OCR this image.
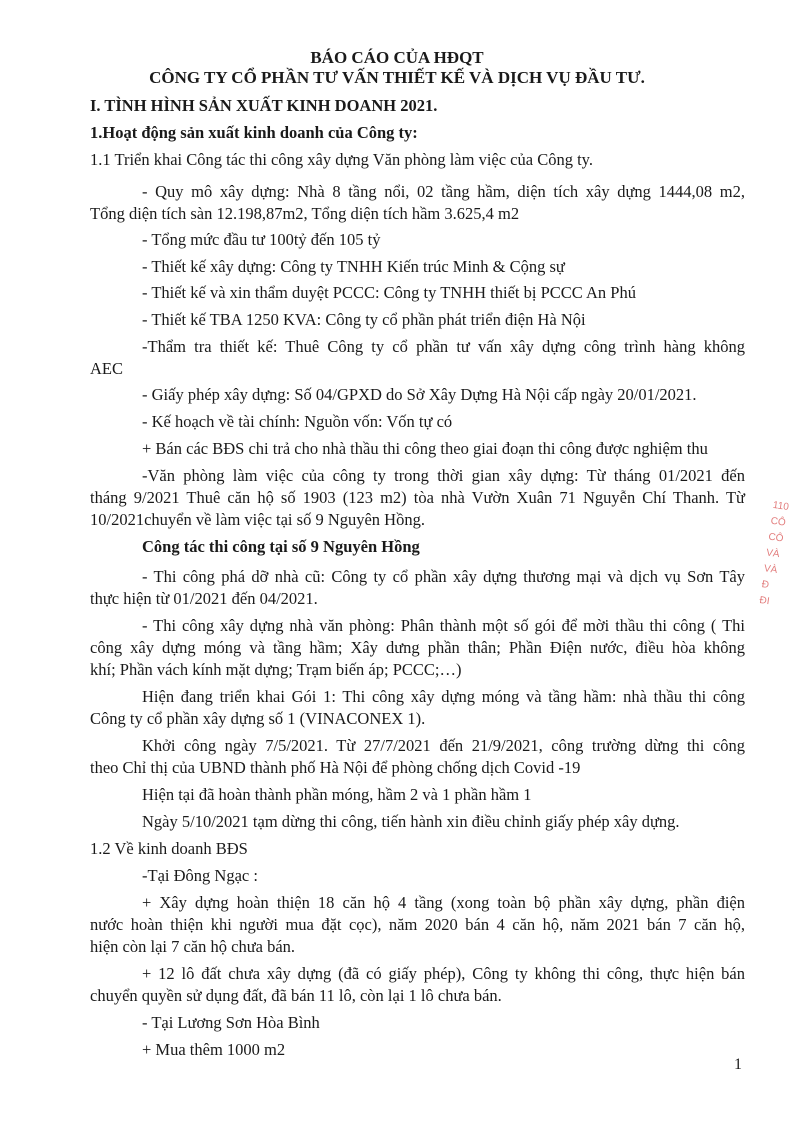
BÁO CÁO CỦA HĐQT
CÔNG TY CỔ PHẦN TƯ VẤN THIẾT KẾ VÀ DỊCH VỤ ĐẦU TƯ.
I. TÌNH HÌNH SẢN XUẤT KINH DOANH 2021.
1.Hoạt động sản xuất kinh doanh của Công ty:
1.1 Triển khai Công tác thi công xây dựng Văn phòng làm việc của Công ty.
- Quy mô xây dựng: Nhà 8 tầng nổi, 02 tầng hầm, diện tích xây dựng 1444,08 m2,
Tổng diện tích sàn 12.198,87m2, Tổng diện tích hầm 3.625,4 m2
- Tổng mức đầu tư 100tỷ đến 105 tỷ
- Thiết kế xây dựng: Công ty TNHH Kiến trúc Minh & Cộng sự
- Thiết kế và xin thẩm duyệt PCCC: Công ty TNHH thiết bị PCCC An Phú
- Thiết kế TBA 1250 KVA: Công ty cổ phần phát triển điện Hà Nội
-Thẩm tra thiết kế: Thuê Công ty cổ phần tư vấn xây dựng công trình hàng không
AEC
- Giấy phép xây dựng: Số 04/GPXD do Sở Xây Dựng Hà Nội cấp ngày 20/01/2021.
- Kế hoạch về tài chính: Nguồn vốn: Vốn tự có
+ Bán các BĐS chi trả cho nhà thầu thi công theo giai đoạn thi công được nghiệm thu
-Văn phòng làm việc của công ty trong thời gian xây dựng: Từ tháng 01/2021 đến
tháng 9/2021 Thuê căn hộ số 1903 (123 m2) tòa nhà Vườn Xuân 71 Nguyễn Chí Thanh. Từ
10/2021chuyển về làm việc tại số 9 Nguyên Hồng.
Công tác thi công tại số 9 Nguyên Hồng
- Thi công phá dỡ nhà cũ: Công ty cổ phần xây dựng thương mại và dịch vụ Sơn Tây
thực hiện từ 01/2021 đến 04/2021.
- Thi công xây dựng nhà văn phòng: Phân thành một số gói để mời thầu thi công ( Thi
công xây dựng móng và tầng hầm; Xây dưng phần thân; Phần Điện nước, điều hòa không
khí; Phần vách kính mặt dựng; Trạm biến áp; PCCC;…)
Hiện đang triển khai Gói 1: Thi công xây dựng móng và tầng hầm: nhà thầu thi công
Công ty cổ phần xây dựng số 1 (VINACONEX 1).
Khởi công ngày 7/5/2021. Từ 27/7/2021 đến 21/9/2021, công trường dừng thi công
theo Chỉ thị của UBND thành phố Hà Nội để phòng chống dịch Covid -19
Hiện tại đã hoàn thành phần móng, hầm 2 và 1 phần hầm 1
Ngày 5/10/2021 tạm dừng thi công, tiến hành xin điều chỉnh giấy phép xây dựng.
1.2 Về kinh doanh BĐS
-Tại Đông Ngạc :
+ Xây dựng hoàn thiện 18 căn hộ 4 tầng (xong toàn bộ phần xây dựng, phần điện
nước hoàn thiện khi người mua đặt cọc), năm 2020 bán 4 căn hộ, năm 2021 bán 7 căn hộ,
hiện còn lại 7 căn hộ chưa bán.
+ 12 lô đất chưa xây dựng (đã có giấy phép), Công ty không thi công, thực hiện bán
chuyển quyền sử dụng đất, đã bán 11 lô, còn lại 1 lô chưa bán.
- Tại Lương Sơn Hòa Bình
+ Mua thêm 1000 m2
1
110
CÔ
CÔ
VÀ
VÀ
Đ
ĐI
